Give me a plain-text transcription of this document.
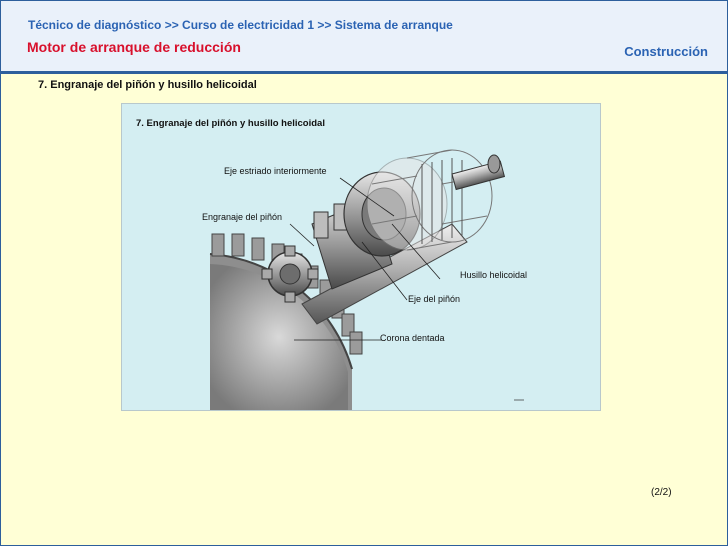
Técnico de diagnóstico >> Curso de electricidad 1 >> Sistema de arranque
Motor de arranque de reducción	Construcción
7. Engranaje del piñón y husillo helicoidal
7. Engranaje del piñón y husillo helicoidal
Eje estriado interiormente
Engranaje del piñón
Husillo helicoidal
Eje del piñón
Corona dentada
(2/2)
